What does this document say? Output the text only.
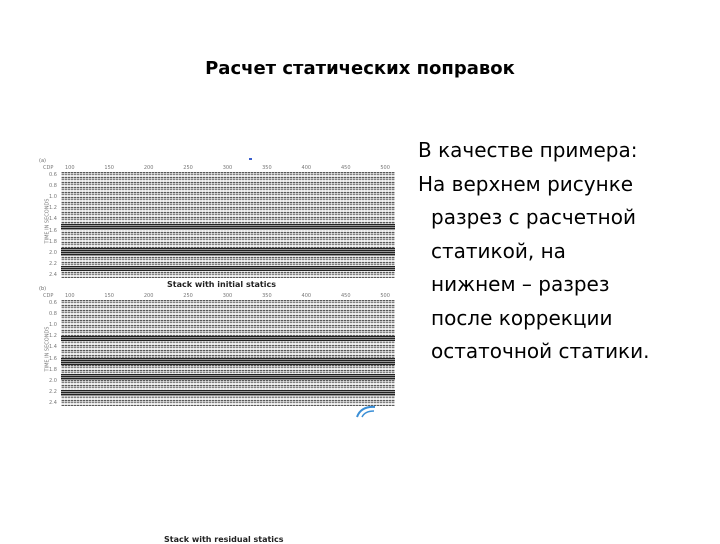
Расчет статических поправок
(a)
CDP 100	150	200	250	300	350	400	450	500
TIME IN SECONDS
0.6
0.8
1.0
1.2
1.4
1.6
1.8
2.0
2.2
2.4
Stack with initial statics
(b)
CDP 100	150	200	250	300	350	400	450	500
TIME IN SECONDS
0.6
0.8
1.0
1.2
1.4
1.6
1.8
2.0
2.2
2.4
Stack with residual statics

В качестве примера:

На верхнем рисунке

разрез с расчетной

статикой, на

нижнем – разрез

после коррекции

остаточной статики.
